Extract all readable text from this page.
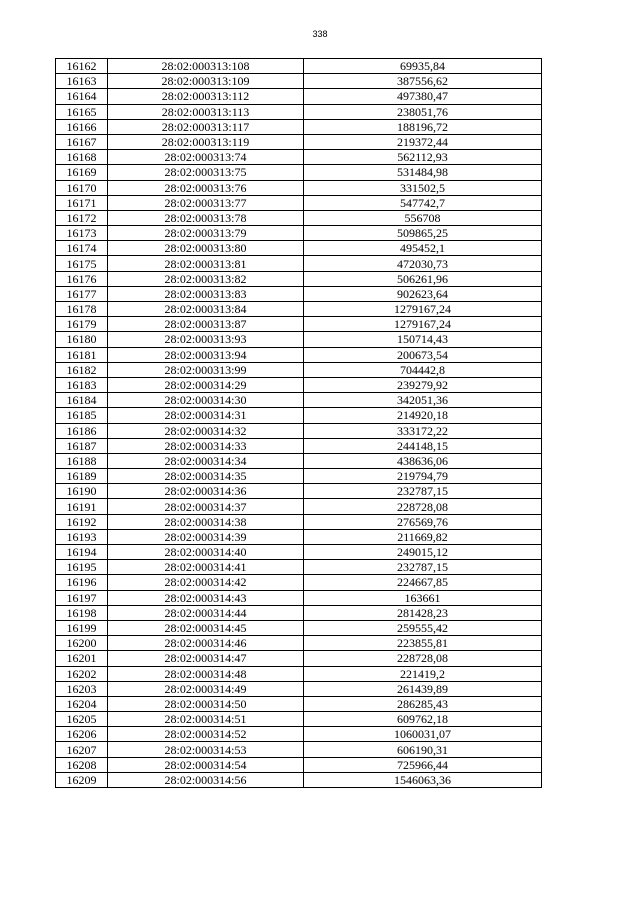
338
16162	28:02:000313:108	69935,84
16163	28:02:000313:109	387556,62
16164	28:02:000313:112	497380,47
16165	28:02:000313:113	238051,76
16166	28:02:000313:117	188196,72
16167	28:02:000313:119	219372,44
16168	28:02:000313:74	562112,93
16169	28:02:000313:75	531484,98
16170	28:02:000313:76	331502,5
16171	28:02:000313:77	547742,7
16172	28:02:000313:78	556708
16173	28:02:000313:79	509865,25
16174	28:02:000313:80	495452,1
16175	28:02:000313:81	472030,73
16176	28:02:000313:82	506261,96
16177	28:02:000313:83	902623,64
16178	28:02:000313:84	1279167,24
16179	28:02:000313:87	1279167,24
16180	28:02:000313:93	150714,43
16181	28:02:000313:94	200673,54
16182	28:02:000313:99	704442,8
16183	28:02:000314:29	239279,92
16184	28:02:000314:30	342051,36
16185	28:02:000314:31	214920,18
16186	28:02:000314:32	333172,22
16187	28:02:000314:33	244148,15
16188	28:02:000314:34	438636,06
16189	28:02:000314:35	219794,79
16190	28:02:000314:36	232787,15
16191	28:02:000314:37	228728,08
16192	28:02:000314:38	276569,76
16193	28:02:000314:39	211669,82
16194	28:02:000314:40	249015,12
16195	28:02:000314:41	232787,15
16196	28:02:000314:42	224667,85
16197	28:02:000314:43	163661
16198	28:02:000314:44	281428,23
16199	28:02:000314:45	259555,42
16200	28:02:000314:46	223855,81
16201	28:02:000314:47	228728,08
16202	28:02:000314:48	221419,2
16203	28:02:000314:49	261439,89
16204	28:02:000314:50	286285,43
16205	28:02:000314:51	609762,18
16206	28:02:000314:52	1060031,07
16207	28:02:000314:53	606190,31
16208	28:02:000314:54	725966,44
16209	28:02:000314:56	1546063,36
